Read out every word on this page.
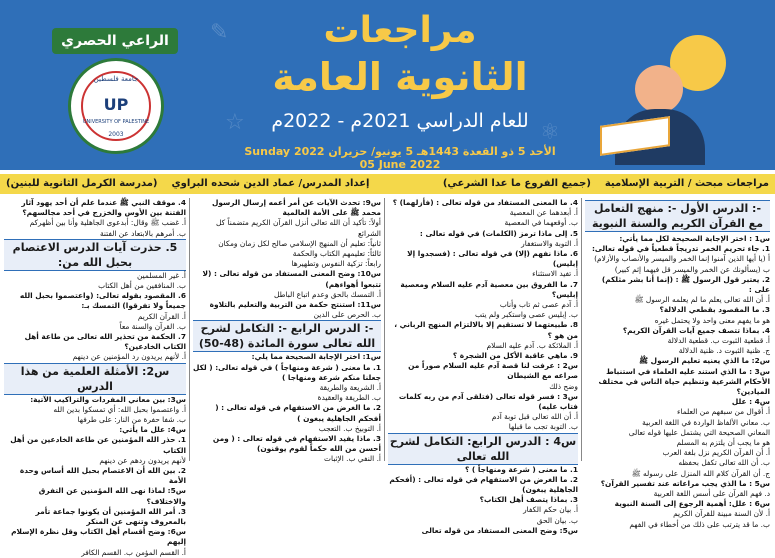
✎
⚛
☆
مراجعات
الثانوية العامة
للعام الدراسي 2021م - 2022م
الأحد 5 ذو القعدة 1443هـ 5 يونيو/ حزيران 2022 Sunday 05 June 2022
الراعي الحصري
جامعة فلسطين
UP
UNIVERSITY OF PALESTINE
2003
مراجعات مبحث / التربية الإسلامية    (جميع الفروع ما عدا الشرعي)
إعداد المدرس/ عماد الدين شحده البراوي    (مدرسة الكرمل الثانوية للبنين)
-: الدرس الأول -: منهج التعامل مع القرآن الكريم والسنة النبوية

س1 : اختر الإجابة الصحيحة لكل مما يأتي:

1. جاء تحريم الخمر تدريجاً قطعياً في قوله تعالى:

أ (يا أيها الذين آمنوا إنما الخمر والميسر والأنصاب والأزلام)

ب (يسألونك عن الخمر والميسر قل فيهما إثم كبير)

2. يعتبر قول الرسول ﷺ : (إنما أنا بشر مثلكم) على :

أ. أن الله تعالى يعلم ما لم يعلمه الرسول ﷺ

3. ما المقصود بقطعي الدلالة؟

هو ما يفهم معنى واحد ولا يحتمل غيره

4. بماذا تتصف جميع آيات القرآن الكريم؟

أ. قطعية الثبوت ب. قطعية الدلالة

ج. ظنية الثبوت د. ظنية الدلالة

س2: ما الذي يعنيه تعليم الرسول ﷺ

س3 : ما الذي استند عليه العلماء في استنباط الأحكام الشرعية وتنظيم حياة الناس في مختلف الميادين؟

س4 : علل

أ. أقوال من سبقهم من العلماء

ب. معاني الألفاظ الواردة في اللغة العربية

المعاني الصحيحة التي يشتمل عليها قوله تعالى

هو ما يجب أن يلتزم به المسلم

أ. أن القرآن الكريم نزل بلغة العرب

ب. أن الله تعالى تكفل بحفظه

ج. أن القرآن كلام الله المنزل على رسوله ﷺ

س5 : ما الذي يجب مراعاته عند تفسير القرآن؟

د. فهم القرآن على أسس اللغة العربية

س6 : علل: أهمية الرجوع إلى السنة النبوية

أ. لأن السنة مبينة للقرآن الكريم

ب. ما قد يترتب على ذلك من أخطاء في الفهم

4. ما المعنى المستفاد من قوله تعالى : (فأزلهما) ؟

أ. أبعدهما عن المعصية

ب. أوقعهما في المعصية

5. إلى ماذا ترمز (الكلمات) في قوله تعالى :

أ. التوبة والاستغفار

6. ماذا نفهم (إلا) في قوله تعالى : (فسجدوا إلا إبليس)

أ. تفيد الاستثناء

7. ما الفروق بين معصية آدم عليه السلام ومعصية إبليس؟

أ. آدم عصى ثم تاب وأناب

ب. إبليس عصى واستكبر ولم يتب

8. طبيعتهما لا تستقيم إلا بالالتزام المنهج الرباني ، من هو ؟

أ. الملائكة ب. آدم عليه السلام

9. ماهي عاقبة الأكل من الشجرة ؟

س2 : عرفت لنا قصة آدم عليه السلام صوراً من صراعه مع الشيطان

وضح ذلك

س3 : فسر قوله تعالى (فتلقى آدم من ربه كلمات فتاب عليه)

أ. أن الله تعالى قبل توبة آدم

ب. التوبة تجب ما قبلها

س4 : الدرس الرابع: التكامل لشرح الله تعالى

1. ما معنى ( شرعة ومنهاجاً ) ؟

2. ما الغرض من الاستفهام في قوله تعالى : (أفحكم الجاهلية يبغون)

3. بماذا يتصف أهل الكتاب؟

أ. بيان حكم الكفار

ب. بيان الحق

س5: وضح المعنى المستفاد من قوله تعالى

س9: تحدث الآيات عن أمر أعمه إرسال الرسول محمد ﷺ على الأمة العالمية

أولاً: تأكيد أن الله تعالى أنزل القرآن الكريم متضمناً كل الشرائع

ثانياً: تعليم أن المنهج الإسلامي صالح لكل زمان ومكان

ثالثاً: تعليمهم الكتاب والحكمة

رابعاً: تزكية النفوس وتطهيرها

س10: وضح المعنى المستفاد من قوله تعالى : (لا تتبعوا أهواءهم)

أ. التمسك بالحق وعدم اتباع الباطل

س11: استنتج حكمة من التربية والتعليم بالتلاوة

ب. الحرص على الدين

-: الدرس الرابع -: التكامل لشرح الله تعالى سورة المائدة (48-50)

س1: اختر الإجابة الصحيحة مما يلي:

1. ما معنى ( شرعة ومنهاجاً ) في قوله تعالى: ( لكل جعلنا منكم شرعة ومنهاجا )

أ. الشريعة والطريقة

ب. الطريقة والعقيدة

2. ما الغرض من الاستفهام في قوله تعالى : ( أفحكم الجاهلية يبغون )

أ. التوبيخ ب. التعجب

3. ماذا يفيد الاستفهام في قوله تعالى : ( ومن أحسن من الله حكماً لقوم يوقنون)

أ. النفي ب. الإثبات

4. موقف النبي ﷺ عندما علم أن أحد يهود آثار الفتنة بين الأوس والخزرج في أحد مجالسهم؟

أ. غضب ﷺ وقال: أبدعوى الجاهلية وأنا بين أظهركم

ب. أمرهم بالابتعاد عن الفتنة

5. حذرت آيات الدرس الاعتصام بحبل الله من:

أ. غير المسلمين

ب. المنافقين من أهل الكتاب

6. المقصود بقوله تعالى: (واعتصموا بحبل الله جميعاً ولا تفرقوا) التمسك بـ:

أ. القرآن الكريم

ب. القرآن والسنة معاً

7. الحكمة من تحذير الله تعالى من طاعة أهل الكتاب الخادعين؟

أ. لأنهم يريدون رد المؤمنين عن دينهم

س2: الأمثلة العلمية من هذا الدرس

س3: بين معاني المفردات والتراكيب الآتية:

أ. واعتصموا بحبل الله: أي تمسكوا بدين الله

ب. شفا حفرة من النار: على طرفها

س4: علل ما يأتي:

1. حذر الله المؤمنين عن طاعة الخادعين من أهل الكتاب

لأنهم يريدون ردهم عن دينهم

2. بين الله أن الاعتصام بحبل الله أساس وحدة الأمة

س5: لماذا نهى الله المؤمنين عن التفرق والاختلاف؟

3. أمر الله المؤمنين أن يكونوا جماعة تأمر بالمعروف وتنهى عن المنكر

س6: وضح أقسام أهل الكتاب وقل نظرة الإسلام إليهم

أ. القسم المؤمن ب. القسم الكافر
